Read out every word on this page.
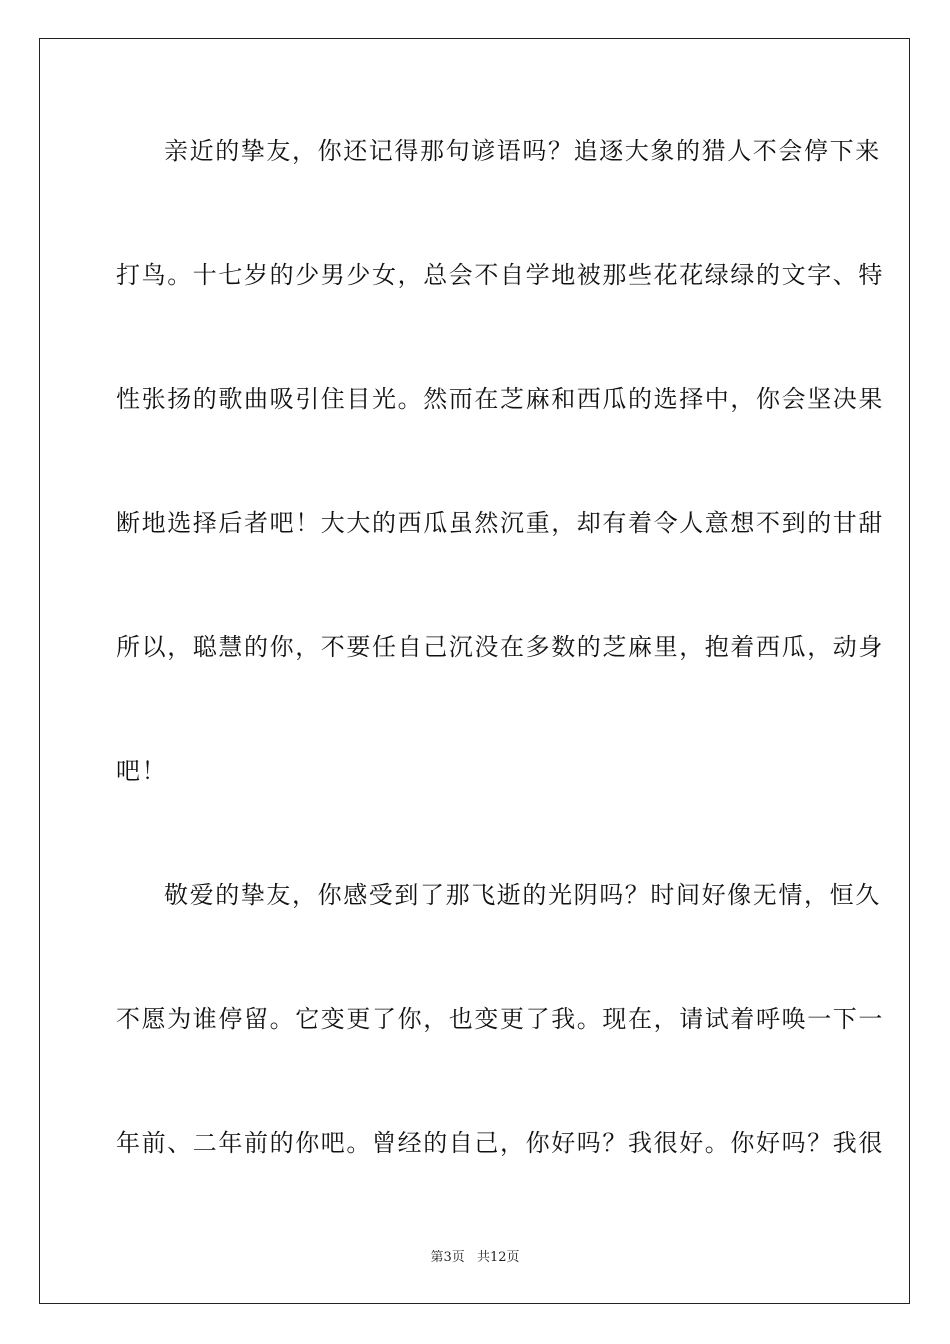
亲近的挚友，你还记得那句谚语吗？追逐大象的猎人不会停下来
打鸟。十七岁的少男少女，总会不自学地被那些花花绿绿的文字、特
性张扬的歌曲吸引住目光。然而在芝麻和西瓜的选择中，你会坚决果
断地选择后者吧！大大的西瓜虽然沉重，却有着令人意想不到的甘甜
所以，聪慧的你，不要任自己沉没在多数的芝麻里，抱着西瓜，动身
吧！
敬爱的挚友，你感受到了那飞逝的光阴吗？时间好像无情，恒久
不愿为谁停留。它变更了你，也变更了我。现在，请试着呼唤一下一
年前、二年前的你吧。曾经的自己，你好吗？我很好。你好吗？我很
第3页 共12页
